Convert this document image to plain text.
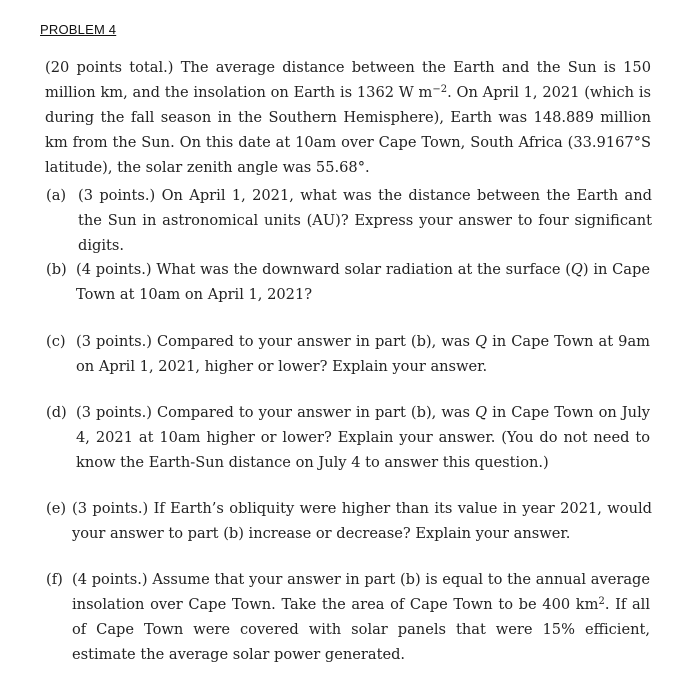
PROBLEM 4
(20 points total.) The average distance between the Earth and the Sun is 150 million km, and the insolation on Earth is 1362 W $m^{-2}$. On April 1, 2021 (which is during the fall season in the Southern Hemisphere), Earth was 148.889 million km from the Sun. On this date at 10am over Cape Town, South Africa (33.9167°S latitude), the solar zenith angle was 55.68°.
(a) (3 points.) On April 1, 2021, what was the distance between the Earth and the Sun in astronomical units (AU)? Express your answer to four significant digits.
(b) (4 points.) What was the downward solar radiation at the surface (Q) in Cape Town at 10am on April 1, 2021?
(c) (3 points.) Compared to your answer in part (b), was Q in Cape Town at 9am on April 1, 2021, higher or lower? Explain your answer.
(d) (3 points.) Compared to your answer in part (b), was Q in Cape Town on July 4, 2021 at 10am higher or lower? Explain your answer. (You do not need to know the Earth-Sun distance on July 4 to answer this question.)
(e) (3 points.) If Earth’s obliquity were higher than its value in year 2021, would your answer to part (b) increase or decrease? Explain your answer.
(f) (4 points.) Assume that your answer in part (b) is equal to the annual average insolation over Cape Town. Take the area of Cape Town to be 400 $km^2$. If all of Cape Town were covered with solar panels that were 15% efficient, estimate the average solar power generated.
